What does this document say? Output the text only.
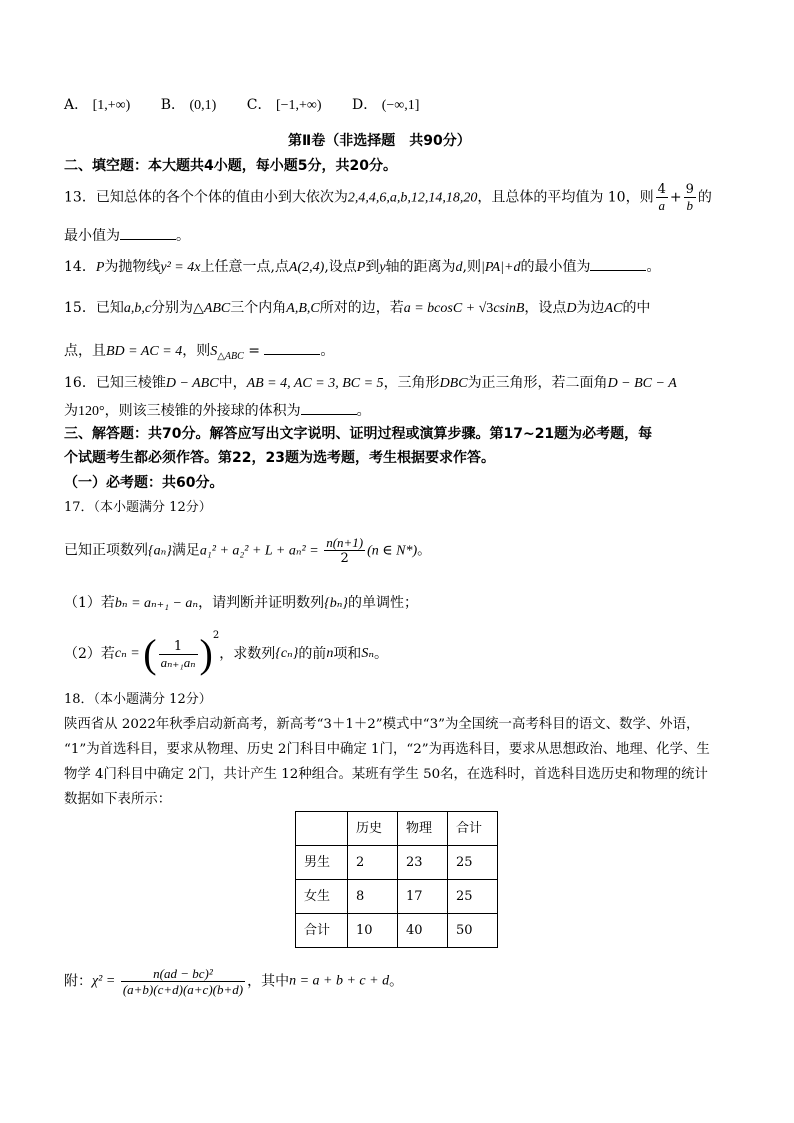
A． [1,+∞) B． (0,1) C． [−1,+∞) D． (−∞,1]
第Ⅱ卷（非选择题　共90分）
二、填空题：本大题共4小题，每小题5分，共20分。
13．已知总体的各个个体的值由小到大依次为2,4,4,6,a,b,12,14,18,20，且总体的平均值为 10，则 $\frac{4}{a} + \frac{9}{b}$ 的
最小值为	。
14．P为抛物线y² = 4x上任意一点,点A(2,4),设点P到y轴的距离为d,则|PA|+d的最小值为	。
15．已知a,b,c分别为△ABC三个内角A,B,C所对的边，若a = bcosC + √3csinB，设点D为边AC的中
点，且BD = AC = 4，则$S_{\triangle ABC}$ =	。
16．已知三棱锥D − ABC中，AB = 4, AC = 3, BC = 5，三角形DBC为正三角形，若二面角D − BC − A
为120°，则该三棱锥的外接球的体积为	。
三、解答题：共70分。解答应写出文字说明、证明过程或演算步骤。第17~21题为必考题，每
个试题考生都必须作答。第22，23题为选考题，考生根据要求作答。
（一）必考题：共60分。
17．（本小题满分 12分）
已知正项数列{aₙ}满足$a_1^2 + a_2^2 + L + a_n^2 = \frac{n(n+1)}{2} (n$ ∈ N*)。
（1）若bₙ = aₙ₊₁ − aₙ，请判断并证明数列{bₙ}的单调性；
（2）若cₙ = ( $\frac{1}{\text{aₙ₊₁aₙ}} )^2$，求数列{cₙ}的前n项和Sₙ。
18．（本小题满分 12分）
陕西省从 2022年秋季启动新高考，新高考“3＋1＋2”模式中“3”为全国统一高考科目的语文、数学、外语，
“1”为首选科目，要求从物理、历史 2门科目中确定 1门，“2”为再选科目，要求从思想政治、地理、化学、生
物学 4门科目中确定 2门，共计产生 12种组合。某班有学生 50名，在选科时，首选科目选历史和物理的统计
数据如下表所示：
	历史	物理	合计
男生	2	23	25
女生	8	17	25
合计	10	40	50
附：$\chi^2 = \frac{\text{n(ad − bc)²}}{(a+b)(c+d)(a+c)(b+d)}$ ，其中n = a + b + c + d。
